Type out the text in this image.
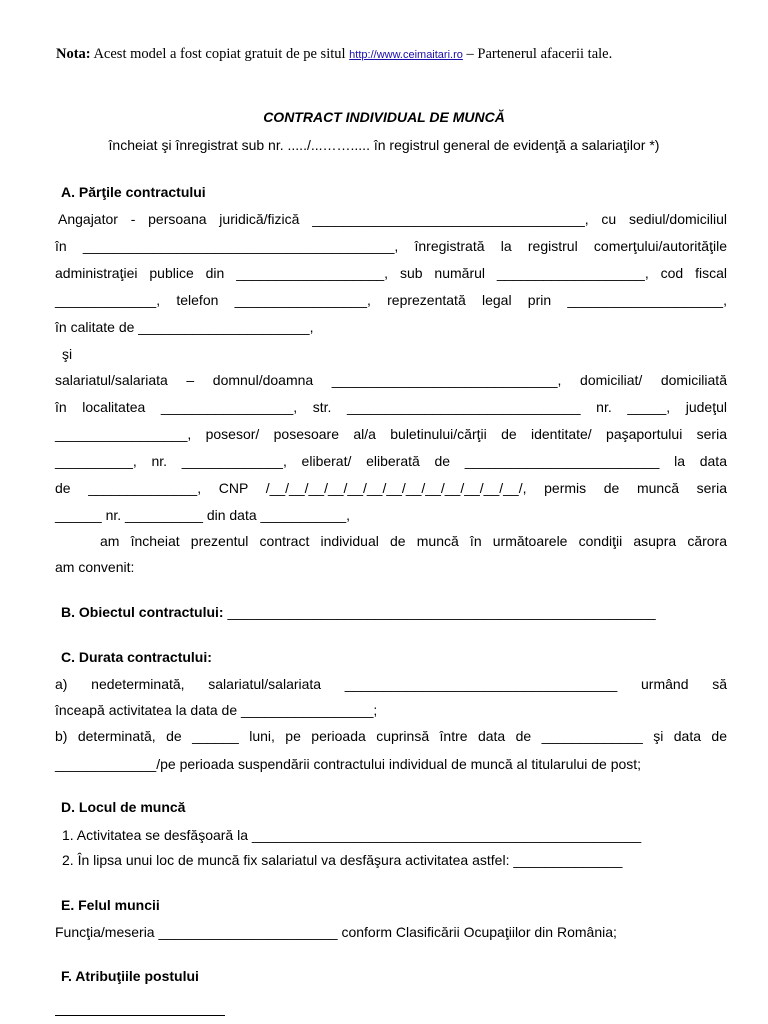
Nota: Acest model a fost copiat gratuit de pe situl http://www.ceimaitari.ro – Partenerul afacerii tale.
CONTRACT INDIVIDUAL DE MUNCĂ
încheiat şi înregistrat sub nr. ...../...……..... în registrul general de evidenţă a salariaţilor *)
A. Părţile contractului
Angajator - persoana juridică/fizică ___________________________________, cu sediul/domiciliul
în ________________________________________, înregistrată la registrul comerţului/autorităţile
administraţiei publice din ___________________, sub numărul ___________________, cod fiscal
_____________, telefon _________________, reprezentată legal prin ____________________,
în calitate de ______________________,
şi
salariatul/salariata – domnul/doamna _____________________________, domiciliat/ domiciliată
în localitatea _________________, str. ______________________________ nr. _____, judeţul
_________________, posesor/ posesoare al/a buletinului/cărţii de identitate/ paşaportului seria
__________, nr. _____________, eliberat/ eliberată de _________________________ la data
de ______________, CNP /__/__/__/__/__/__/__/__/__/__/__/__/__/, permis de muncă seria
______ nr. __________ din data ___________,
am încheiat prezentul contract individual de muncă în următoarele condiţii asupra cărora
am convenit:
B. Obiectul contractului: _______________________________________________________
C. Durata contractului:
a) nedeterminată, salariatul/salariata ___________________________________ urmând să
înceapă activitatea la data de _________________;
b) determinată, de ______ luni, pe perioada cuprinsă între data de _____________ şi data de
_____________/pe perioada suspendării contractului individual de muncă al titularului de post;
D. Locul de muncă
1. Activitatea se desfăşoară la __________________________________________________
2. În lipsa unui loc de muncă fix salariatul va desfăşura activitatea astfel: ______________
E. Felul muncii
Funcţia/meseria _______________________ conform Clasificării Ocupaţiilor din România;
F. Atribuţiile postului
